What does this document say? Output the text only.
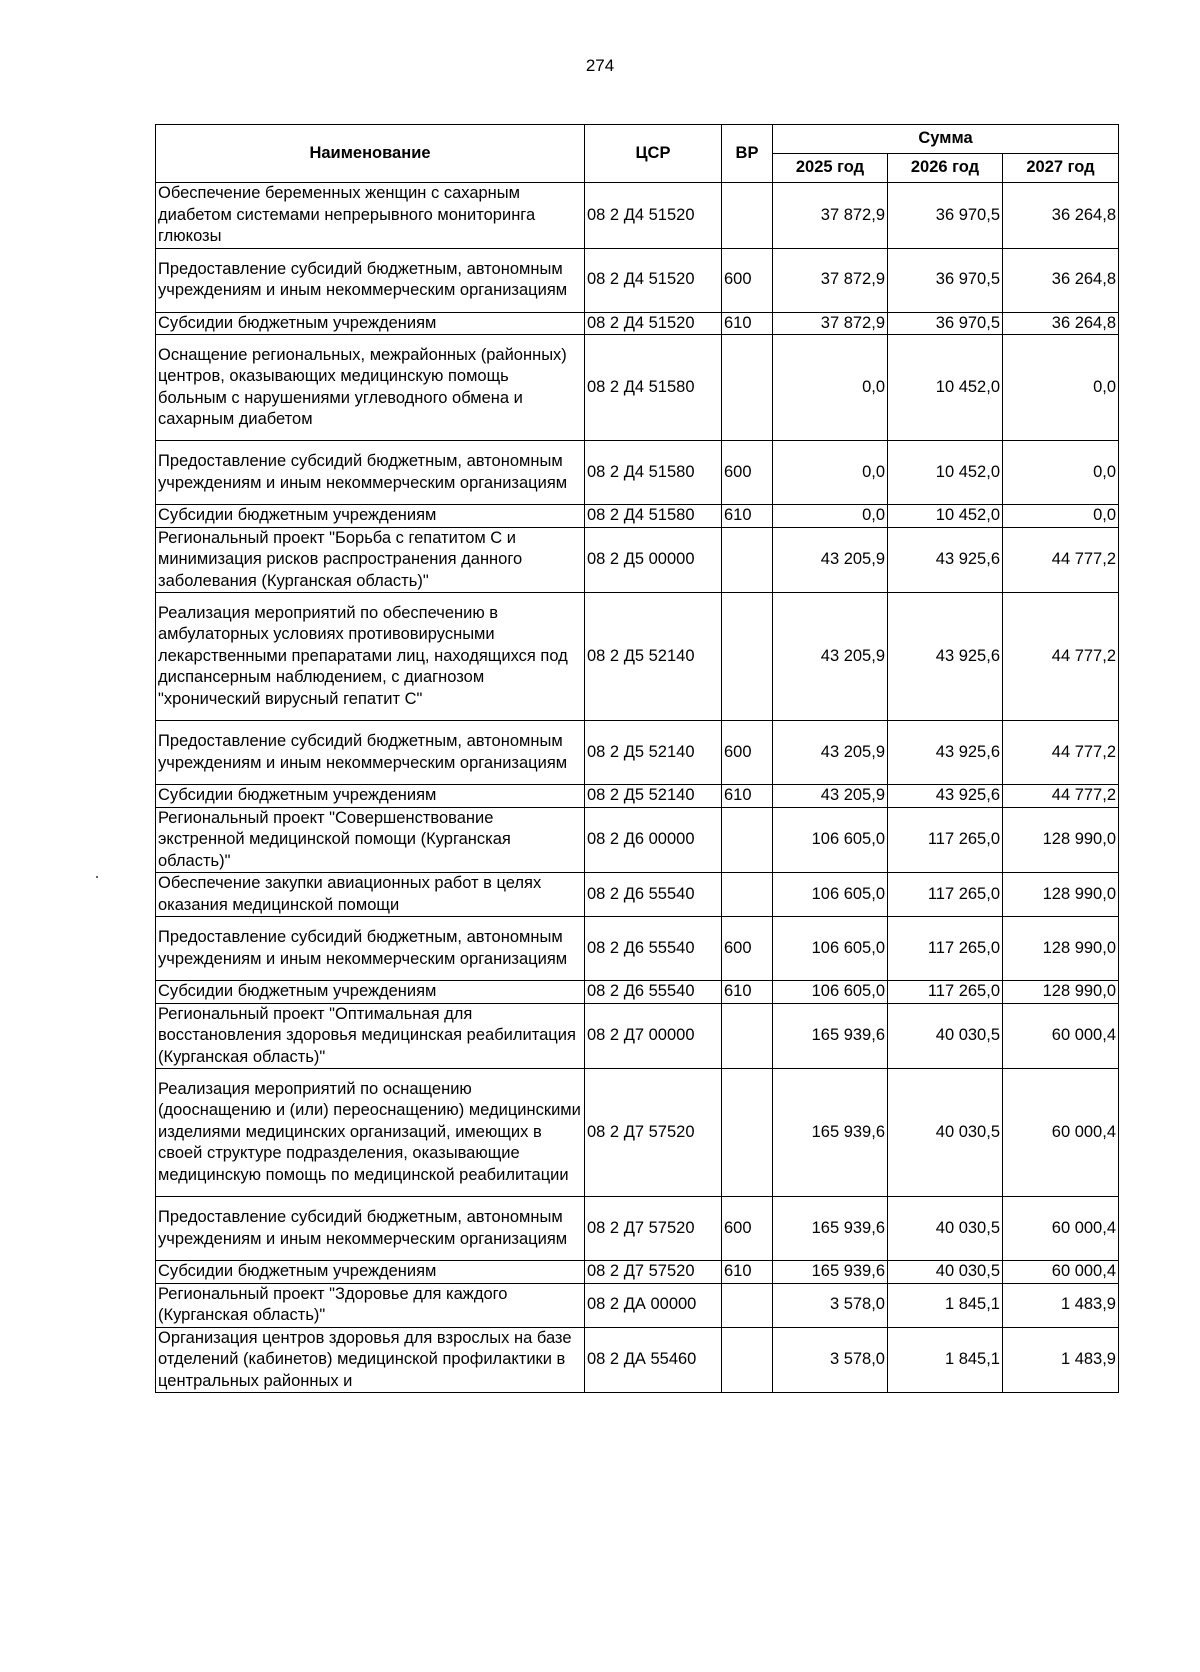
274
Наименование	ЦСР	ВР	Сумма		
			2025 год	2026 год	2027 год
Обеспечение беременных женщин с сахарным диабетом системами непрерывного мониторинга глюкозы	08 2 Д4 51520		37 872,9	36 970,5	36 264,8
Предоставление субсидий бюджетным, автономным учреждениям и иным некоммерческим организациям	08 2 Д4 51520	600	37 872,9	36 970,5	36 264,8
Субсидии бюджетным учреждениям	08 2 Д4 51520	610	37 872,9	36 970,5	36 264,8
Оснащение региональных, межрайонных (районных) центров, оказывающих медицинскую помощь больным с нарушениями углеводного обмена и сахарным диабетом	08 2 Д4 51580		0,0	10 452,0	0,0
Предоставление субсидий бюджетным, автономным учреждениям и иным некоммерческим организациям	08 2 Д4 51580	600	0,0	10 452,0	0,0
Субсидии бюджетным учреждениям	08 2 Д4 51580	610	0,0	10 452,0	0,0
Региональный проект "Борьба с гепатитом С и минимизация рисков распространения данного заболевания (Курганская область)"	08 2 Д5 00000		43 205,9	43 925,6	44 777,2
Реализация мероприятий по обеспечению в амбулаторных условиях противовирусными лекарственными препаратами лиц, находящихся под диспансерным наблюдением, с диагнозом "хронический вирусный гепатит С"	08 2 Д5 52140		43 205,9	43 925,6	44 777,2
Предоставление субсидий бюджетным, автономным учреждениям и иным некоммерческим организациям	08 2 Д5 52140	600	43 205,9	43 925,6	44 777,2
Субсидии бюджетным учреждениям	08 2 Д5 52140	610	43 205,9	43 925,6	44 777,2
Региональный проект "Совершенствование экстренной медицинской помощи (Курганская область)"	08 2 Д6 00000		106 605,0	117 265,0	128 990,0
Обеспечение закупки авиационных работ в целях оказания медицинской помощи	08 2 Д6 55540		106 605,0	117 265,0	128 990,0
Предоставление субсидий бюджетным, автономным учреждениям и иным некоммерческим организациям	08 2 Д6 55540	600	106 605,0	117 265,0	128 990,0
Субсидии бюджетным учреждениям	08 2 Д6 55540	610	106 605,0	117 265,0	128 990,0
Региональный проект "Оптимальная для восстановления здоровья медицинская реабилитация (Курганская область)"	08 2 Д7 00000		165 939,6	40 030,5	60 000,4
Реализация мероприятий по оснащению (дооснащению и (или) переоснащению) медицинскими изделиями медицинских организаций, имеющих в своей структуре подразделения, оказывающие медицинскую помощь по медицинской реабилитации	08 2 Д7 57520		165 939,6	40 030,5	60 000,4
Предоставление субсидий бюджетным, автономным учреждениям и иным некоммерческим организациям	08 2 Д7 57520	600	165 939,6	40 030,5	60 000,4
Субсидии бюджетным учреждениям	08 2 Д7 57520	610	165 939,6	40 030,5	60 000,4
Региональный проект "Здоровье для каждого (Курганская область)"	08 2 ДА 00000		3 578,0	1 845,1	1 483,9
Организация центров здоровья для взрослых на базе отделений (кабинетов) медицинской профилактики в центральных районных и	08 2 ДА 55460		3 578,0	1 845,1	1 483,9
